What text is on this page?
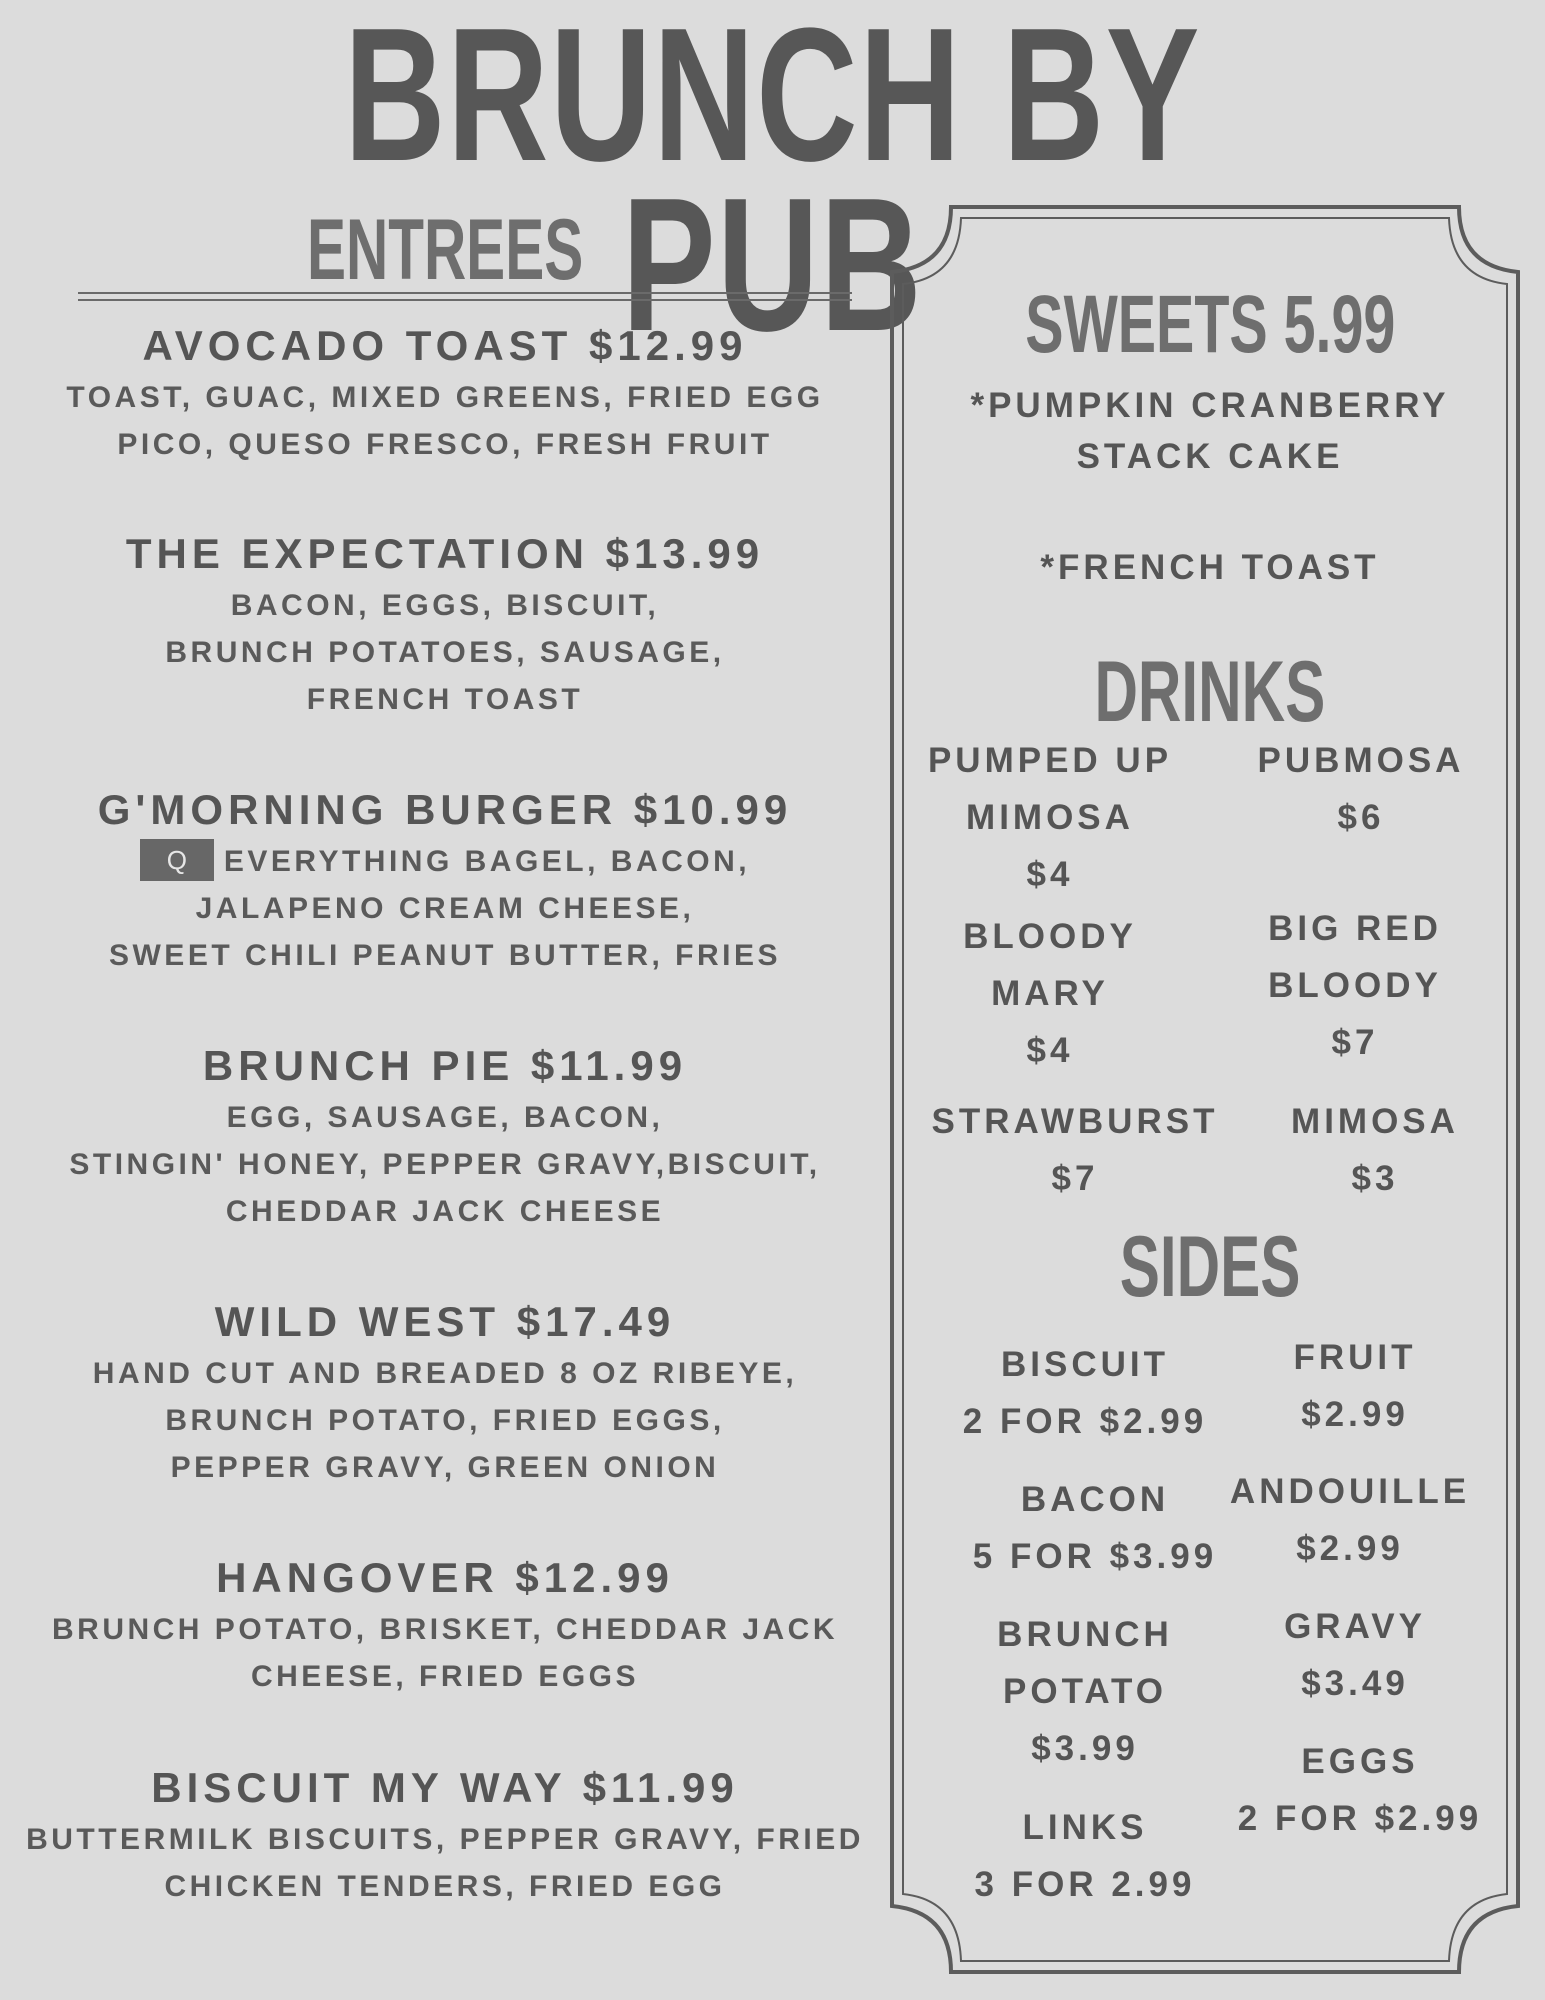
BRUNCH BY PUB
ENTREES
AVOCADO TOAST $12.99
TOAST, GUAC, MIXED GREENS, FRIED EGG
PICO, QUESO FRESCO, FRESH FRUIT
THE EXPECTATION $13.99
BACON, EGGS, BISCUIT,
BRUNCH POTATOES, SAUSAGE,
FRENCH TOAST
G'MORNING BURGER $10.99
Q EVERYTHING BAGEL, BACON,
JALAPENO CREAM CHEESE,
SWEET CHILI PEANUT BUTTER, FRIES
BRUNCH PIE $11.99
EGG, SAUSAGE, BACON,
STINGIN' HONEY, PEPPER GRAVY,BISCUIT,
CHEDDAR JACK CHEESE
WILD WEST $17.49
HAND CUT AND BREADED 8 OZ RIBEYE,
BRUNCH POTATO, FRIED EGGS,
PEPPER GRAVY, GREEN ONION
HANGOVER $12.99
BRUNCH POTATO, BRISKET, CHEDDAR JACK
CHEESE, FRIED EGGS
BISCUIT MY WAY $11.99
BUTTERMILK BISCUITS, PEPPER GRAVY, FRIED
CHICKEN TENDERS, FRIED EGG
SWEETS 5.99
*PUMPKIN CRANBERRY
STACK CAKE
*FRENCH TOAST
DRINKS
PUMPED UP
MIMOSA
$4
PUBMOSA
$6
BLOODY
MARY
$4
BIG RED
BLOODY
$7
STRAWBURST
$7
MIMOSA
$3
SIDES
BISCUIT
2 FOR $2.99
FRUIT
$2.99
BACON
5 FOR $3.99
ANDOUILLE
$2.99
BRUNCH
POTATO
$3.99
GRAVY
$3.49
EGGS
2 FOR $2.99
LINKS
3 FOR 2.99
